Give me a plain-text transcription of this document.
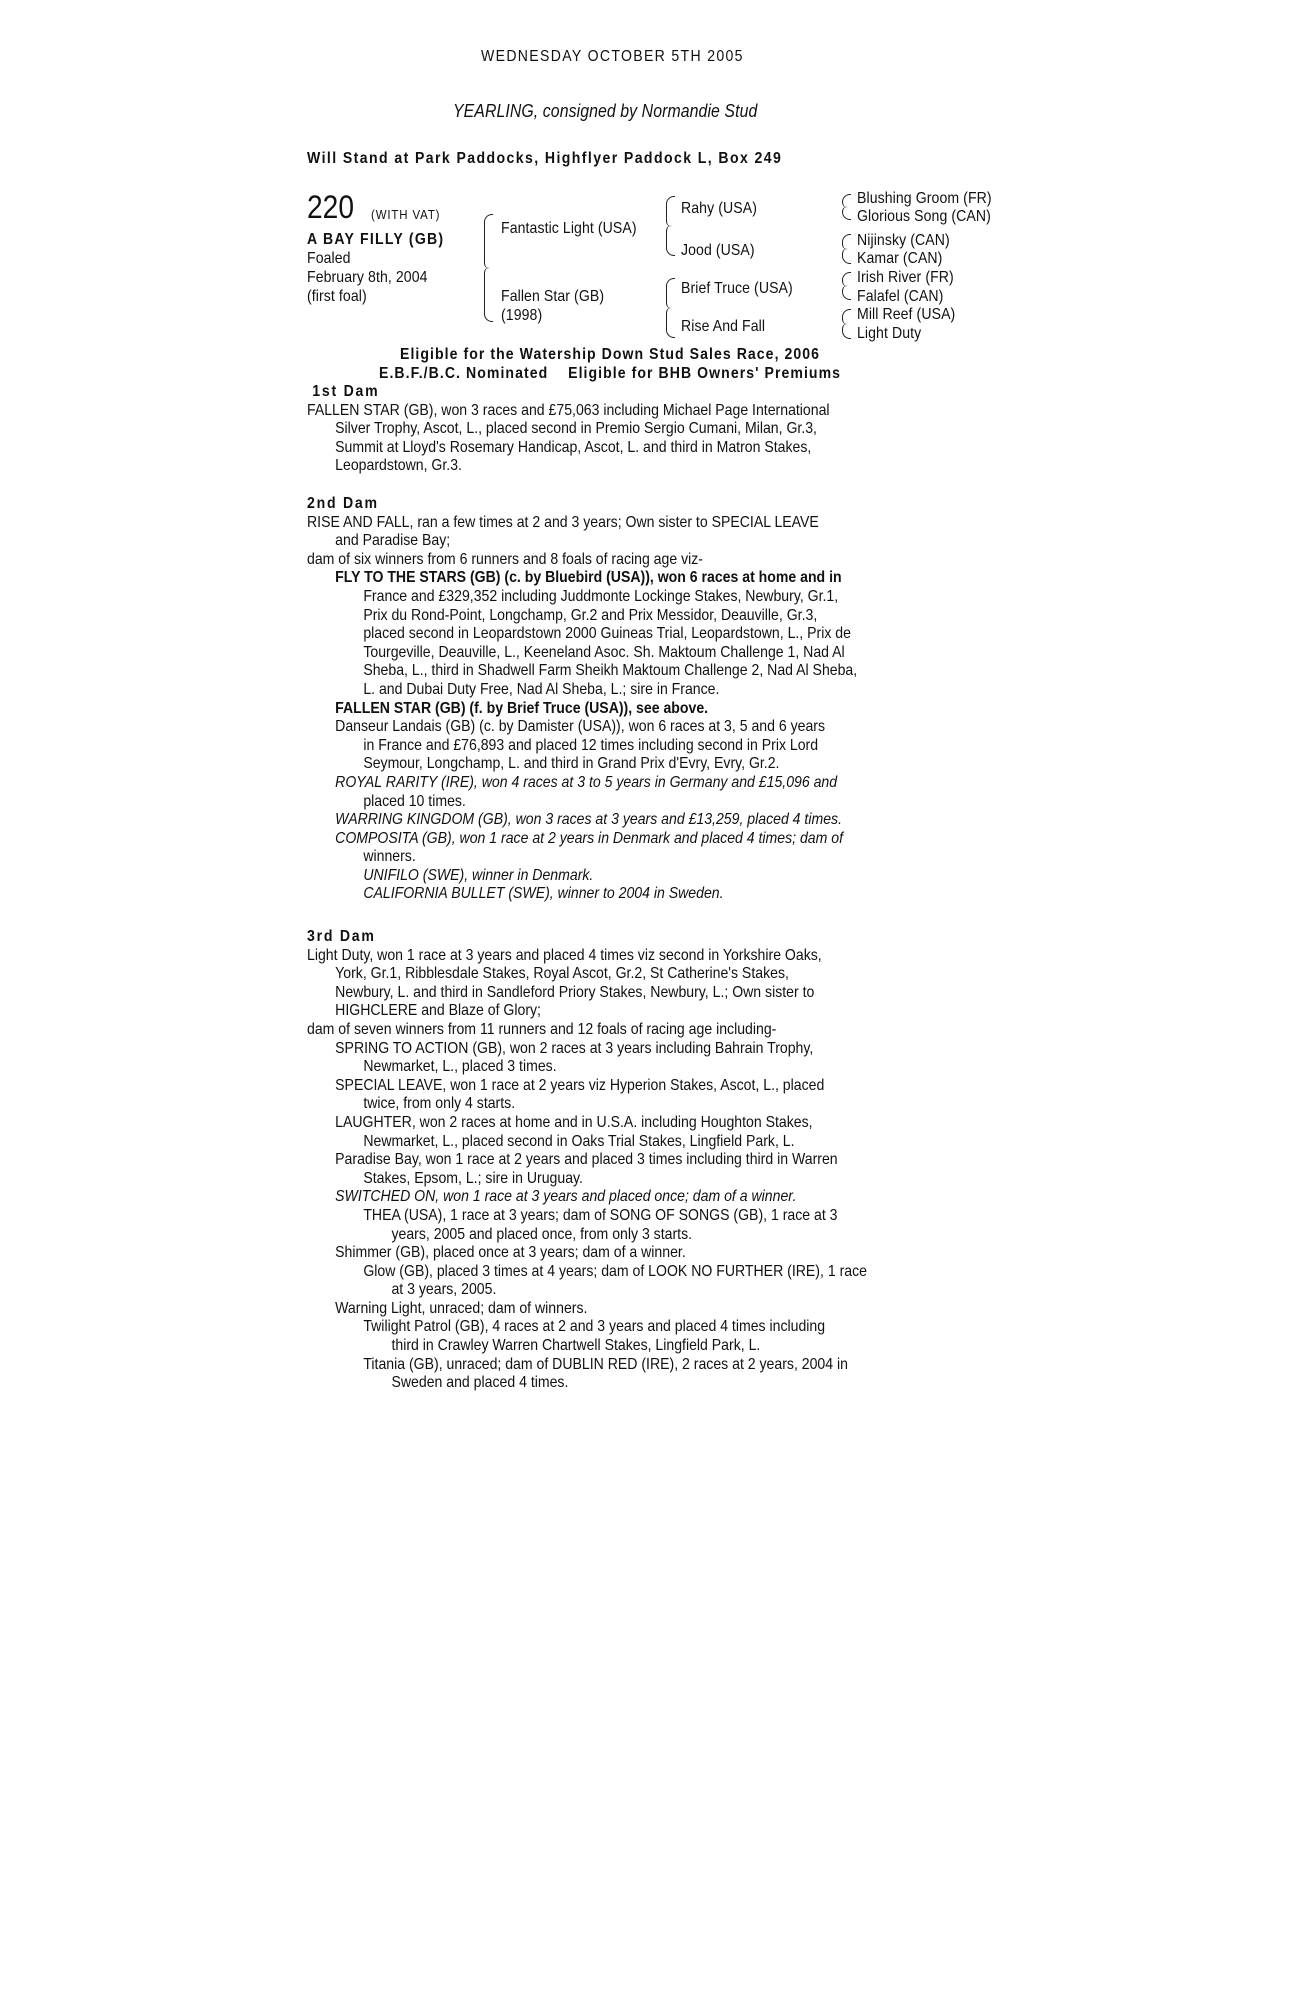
WEDNESDAY OCTOBER 5TH 2005
YEARLING, consigned by Normandie Stud
Will Stand at Park Paddocks, Highflyer Paddock L, Box 249
220 (WITH VAT)
A BAY FILLY (GB)
Foaled
February 8th, 2004
(first foal)
Fantastic Light (USA)
Fallen Star (GB)
(1998)
Rahy (USA)
Jood (USA)
Brief Truce (USA)
Rise And Fall
Blushing Groom (FR)
Glorious Song (CAN)
Nijinsky (CAN)
Kamar (CAN)
Irish River (FR)
Falafel (CAN)
Mill Reef (USA)
Light Duty
Eligible for the Watership Down Stud Sales Race, 2006
E.B.F./B.C. Nominated    Eligible for BHB Owners' Premiums
1st Dam
FALLEN STAR (GB), won 3 races and £75,063 including Michael Page International
Silver Trophy, Ascot, L., placed second in Premio Sergio Cumani, Milan, Gr.3,
Summit at Lloyd's Rosemary Handicap, Ascot, L. and third in Matron Stakes,
Leopardstown, Gr.3.
2nd Dam
RISE AND FALL, ran a few times at 2 and 3 years; Own sister to SPECIAL LEAVE
and Paradise Bay;
dam of six winners from 6 runners and 8 foals of racing age viz-
FLY TO THE STARS (GB) (c. by Bluebird (USA)), won 6 races at home and in
France and £329,352 including Juddmonte Lockinge Stakes, Newbury, Gr.1,
Prix du Rond-Point, Longchamp, Gr.2 and Prix Messidor, Deauville, Gr.3,
placed second in Leopardstown 2000 Guineas Trial, Leopardstown, L., Prix de
Tourgeville, Deauville, L., Keeneland Asoc. Sh. Maktoum Challenge 1, Nad Al
Sheba, L., third in Shadwell Farm Sheikh Maktoum Challenge 2, Nad Al Sheba,
L. and Dubai Duty Free, Nad Al Sheba, L.; sire in France.
FALLEN STAR (GB) (f. by Brief Truce (USA)), see above.
Danseur Landais (GB) (c. by Damister (USA)), won 6 races at 3, 5 and 6 years
in France and £76,893 and placed 12 times including second in Prix Lord
Seymour, Longchamp, L. and third in Grand Prix d'Evry, Evry, Gr.2.
ROYAL RARITY (IRE), won 4 races at 3 to 5 years in Germany and £15,096 and
placed 10 times.
WARRING KINGDOM (GB), won 3 races at 3 years and £13,259, placed 4 times.
COMPOSITA (GB), won 1 race at 2 years in Denmark and placed 4 times; dam of
winners.
UNIFILO (SWE), winner in Denmark.
CALIFORNIA BULLET (SWE), winner to 2004 in Sweden.
3rd Dam
Light Duty, won 1 race at 3 years and placed 4 times viz second in Yorkshire Oaks,
York, Gr.1, Ribblesdale Stakes, Royal Ascot, Gr.2, St Catherine's Stakes,
Newbury, L. and third in Sandleford Priory Stakes, Newbury, L.; Own sister to
HIGHCLERE and Blaze of Glory;
dam of seven winners from 11 runners and 12 foals of racing age including-
SPRING TO ACTION (GB), won 2 races at 3 years including Bahrain Trophy,
Newmarket, L., placed 3 times.
SPECIAL LEAVE, won 1 race at 2 years viz Hyperion Stakes, Ascot, L., placed
twice, from only 4 starts.
LAUGHTER, won 2 races at home and in U.S.A. including Houghton Stakes,
Newmarket, L., placed second in Oaks Trial Stakes, Lingfield Park, L.
Paradise Bay, won 1 race at 2 years and placed 3 times including third in Warren
Stakes, Epsom, L.; sire in Uruguay.
SWITCHED ON, won 1 race at 3 years and placed once; dam of a winner.
THEA (USA), 1 race at 3 years; dam of SONG OF SONGS (GB), 1 race at 3
years, 2005 and placed once, from only 3 starts.
Shimmer (GB), placed once at 3 years; dam of a winner.
Glow (GB), placed 3 times at 4 years; dam of LOOK NO FURTHER (IRE), 1 race
at 3 years, 2005.
Warning Light, unraced; dam of winners.
Twilight Patrol (GB), 4 races at 2 and 3 years and placed 4 times including
third in Crawley Warren Chartwell Stakes, Lingfield Park, L.
Titania (GB), unraced; dam of DUBLIN RED (IRE), 2 races at 2 years, 2004 in
Sweden and placed 4 times.
